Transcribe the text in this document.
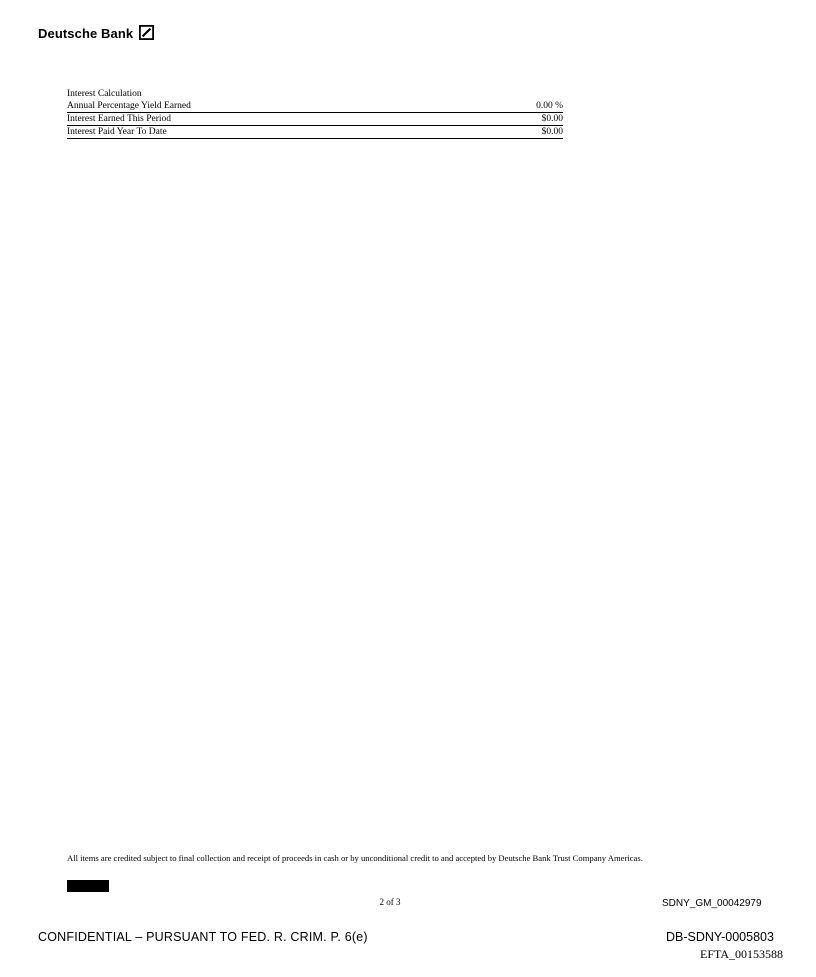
Deutsche Bank
Interest Calculation
Annual Percentage Yield Earned	0.00 %
Interest Earned This Period	$0.00
Interest Paid Year To Date	$0.00
All items are credited subject to final collection and receipt of proceeds in cash or by unconditional credit to and accepted by Deutsche Bank Trust Company Americas.
2 of 3	SDNY_GM_00042979
CONFIDENTIAL – PURSUANT TO FED. R. CRIM. P. 6(e)	DB-SDNY-0005803
EFTA_00153588
